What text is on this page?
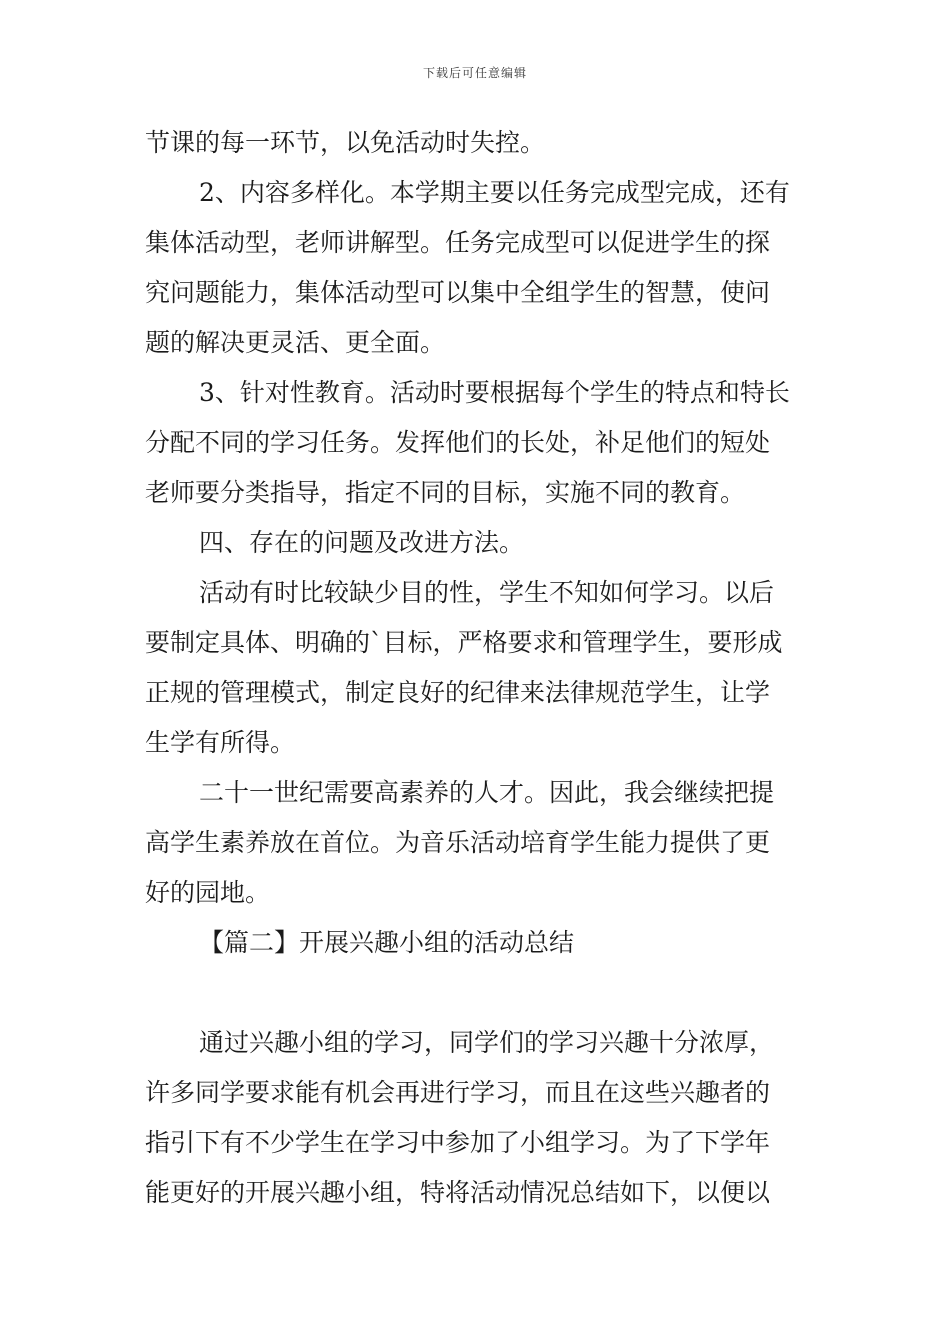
下载后可任意编辑
节课的每一环节，以免活动时失控。
2、内容多样化。本学期主要以任务完成型完成，还有
集体活动型，老师讲解型。任务完成型可以促进学生的探
究问题能力，集体活动型可以集中全组学生的智慧，使问
题的解决更灵活、更全面。
3、针对性教育。活动时要根据每个学生的特点和特长
分配不同的学习任务。发挥他们的长处，补足他们的短处
老师要分类指导，指定不同的目标，实施不同的教育。
四、存在的问题及改进方法。
活动有时比较缺少目的性，学生不知如何学习。以后
要制定具体、明确的`目标，严格要求和管理学生，要形成
正规的管理模式，制定良好的纪律来法律规范学生，让学
生学有所得。
二十一世纪需要高素养的人才。因此，我会继续把提
高学生素养放在首位。为音乐活动培育学生能力提供了更
好的园地。
【篇二】开展兴趣小组的活动总结
通过兴趣小组的学习，同学们的学习兴趣十分浓厚，
许多同学要求能有机会再进行学习，而且在这些兴趣者的
指引下有不少学生在学习中参加了小组学习。为了下学年
能更好的开展兴趣小组，特将活动情况总结如下，以便以
